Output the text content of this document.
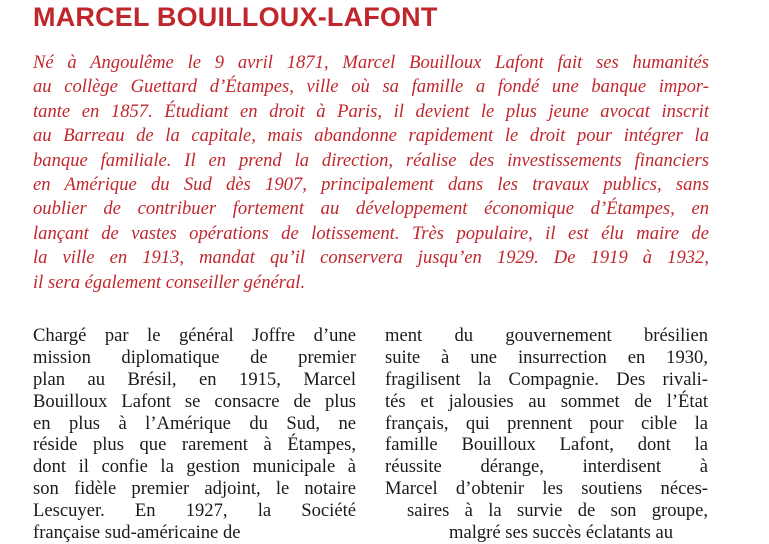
MARCEL BOUILLOUX-LAFONT
Né à Angoulême le 9 avril 1871, Marcel Bouilloux Lafont fait ses humanités
au collège Guettard d’Étampes, ville où sa famille a fondé une banque impor-
tante en 1857. Étudiant en droit à Paris, il devient le plus jeune avocat inscrit
au Barreau de la capitale, mais abandonne rapidement le droit pour intégrer la
banque familiale. Il en prend la direction, réalise des investissements financiers
en Amérique du Sud dès 1907, principalement dans les travaux publics, sans
oublier de contribuer fortement au développement économique d’Étampes, en
lançant de vastes opérations de lotissement. Très populaire, il est élu maire de
la ville en 1913, mandat qu’il conservera jusqu’en 1929. De 1919 à 1932,
il sera également conseiller général.
Chargé par le général Joffre d’une
mission diplomatique de premier
plan au Brésil, en 1915, Marcel
Bouilloux Lafont se consacre de plus
en plus à l’Amérique du Sud, ne
réside plus que rarement à Étampes,
dont il confie la gestion municipale à
son fidèle premier adjoint, le notaire
Lescuyer. En 1927, la Société
française sud-américaine de
ment du gouvernement brésilien
suite à une insurrection en 1930,
fragilisent la Compagnie. Des rivali-
tés et jalousies au sommet de l’État
français, qui prennent pour cible la
famille Bouilloux Lafont, dont la
réussite dérange, interdisent à
Marcel d’obtenir les soutiens néces-
saires à la survie de son groupe,
malgré ses succès éclatants au
